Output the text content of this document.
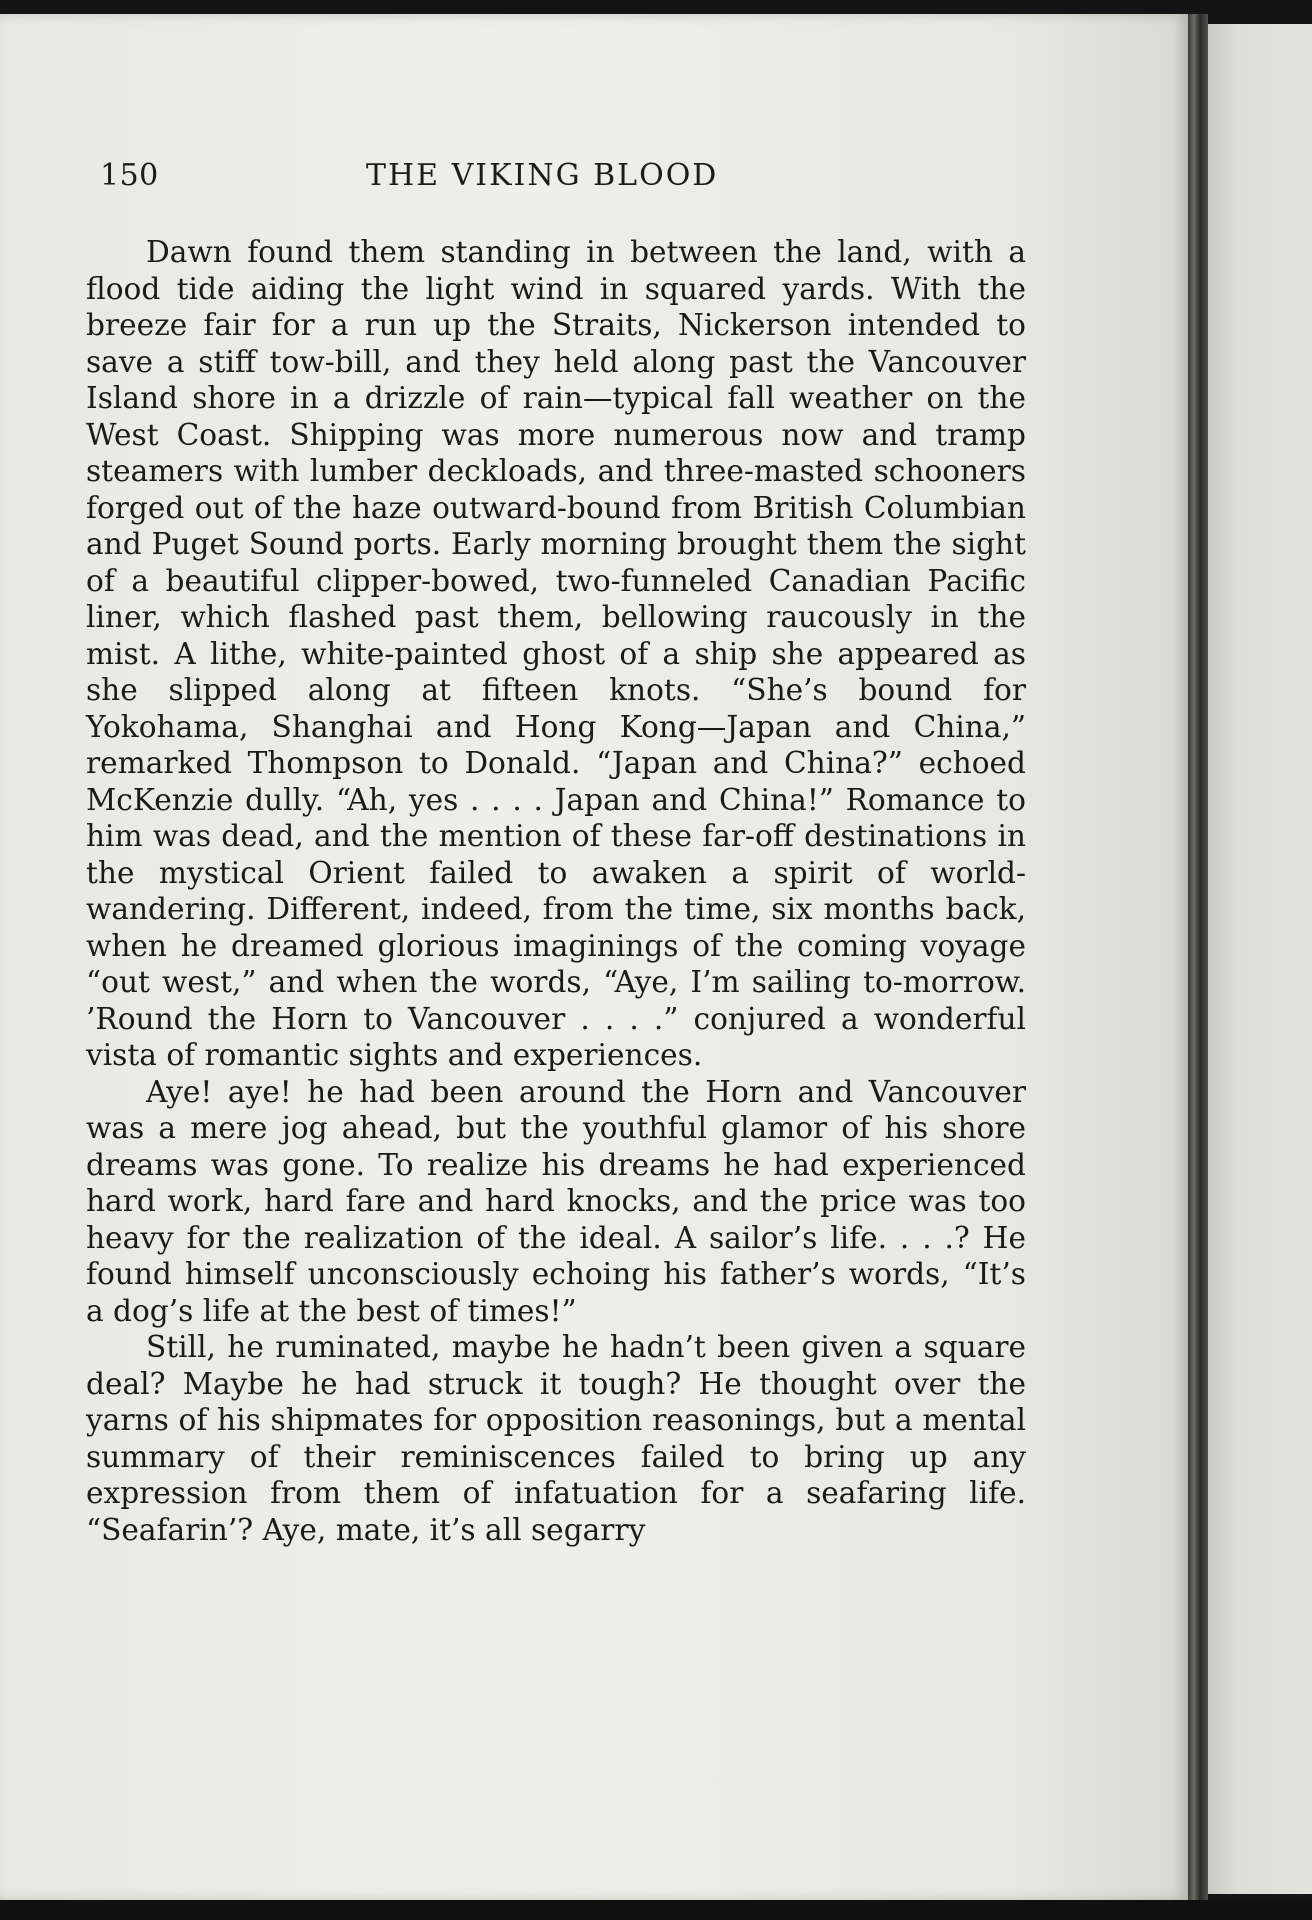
150	THE VIKING BLOOD

Dawn found them standing in between the land, with a flood tide aiding the light wind in squared yards. With the breeze fair for a run up the Straits, Nickerson intended to save a stiff tow-bill, and they held along past the Vancouver Island shore in a drizzle of rain—typical fall weather on the West Coast. Shipping was more numerous now and tramp steamers with lumber deckloads, and three-masted schooners forged out of the haze outward-bound from British Columbian and Puget Sound ports. Early morning brought them the sight of a beautiful clipper-bowed, two-funneled Canadian Pacific liner, which flashed past them, bellowing raucously in the mist. A lithe, white-painted ghost of a ship she appeared as she slipped along at fifteen knots. “She’s bound for Yokohama, Shanghai and Hong Kong—Japan and China,” remarked Thompson to Donald. “Japan and China?” echoed McKenzie dully. “Ah, yes . . . . Japan and China!” Romance to him was dead, and the mention of these far-off destinations in the mystical Orient failed to awaken a spirit of world-wandering. Different, indeed, from the time, six months back, when he dreamed glorious imaginings of the coming voyage “out west,” and when the words, “Aye, I’m sailing to-morrow. ’Round the Horn to Vancouver . . . .” conjured a wonderful vista of romantic sights and experiences.

Aye! aye! he had been around the Horn and Vancouver was a mere jog ahead, but the youthful glamor of his shore dreams was gone. To realize his dreams he had experienced hard work, hard fare and hard knocks, and the price was too heavy for the realization of the ideal. A sailor’s life. . . .? He found himself unconsciously echoing his father’s words, “It’s a dog’s life at the best of times!”

Still, he ruminated, maybe he hadn’t been given a square deal? Maybe he had struck it tough? He thought over the yarns of his shipmates for opposition reasonings, but a mental summary of their reminiscences failed to bring up any expression from them of infatuation for a seafaring life. “Seafarin’? Aye, mate, it’s all segarry
